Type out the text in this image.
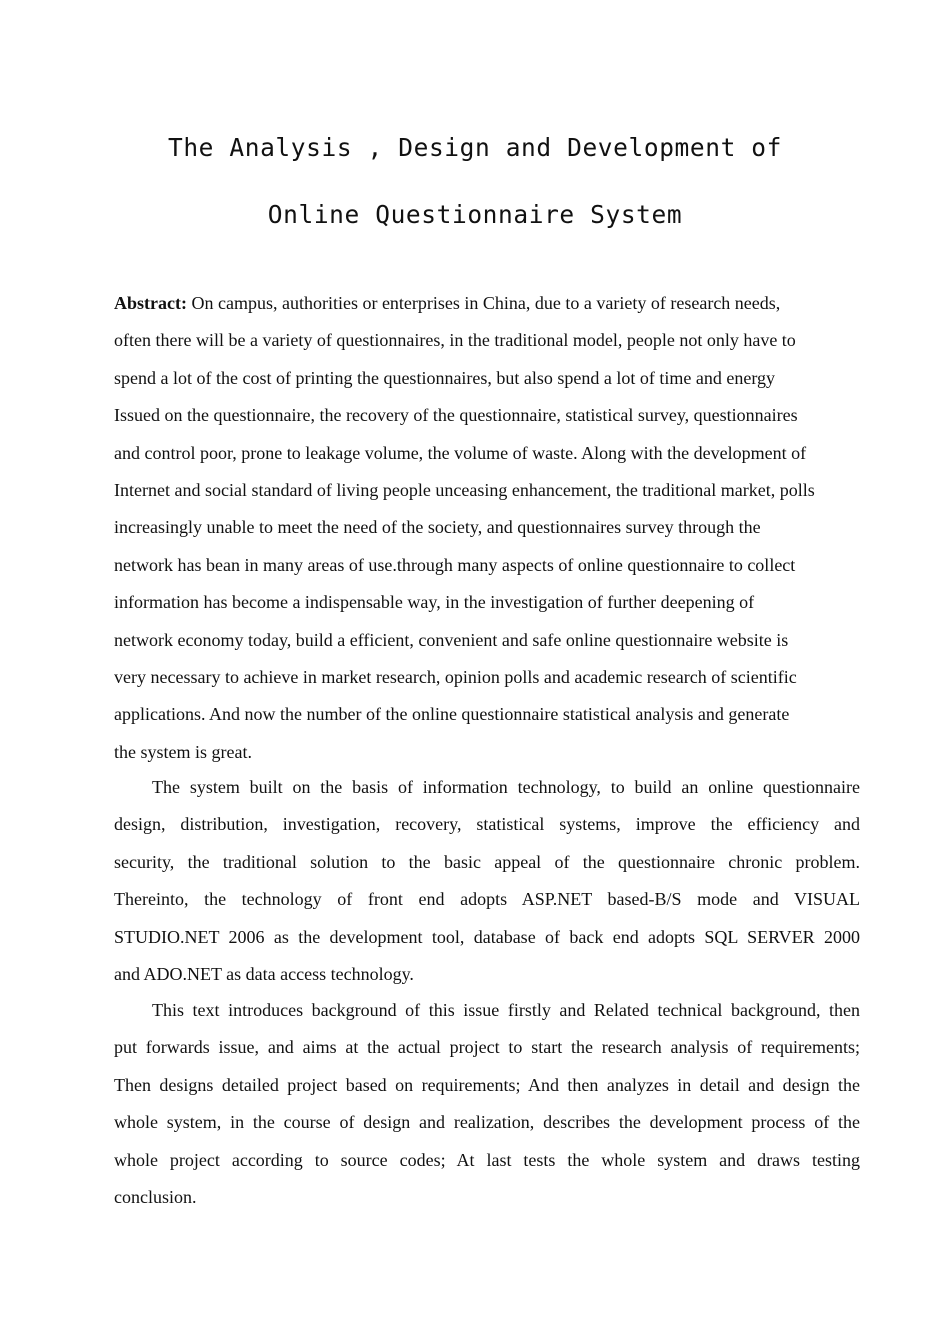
The Analysis , Design and Development of
Online Questionnaire System
Abstract: On campus, authorities or enterprises in China, due to a variety of research needs,
often there will be a variety of questionnaires, in the traditional model, people not only have to
spend a lot of the cost of printing the questionnaires, but also spend a lot of time and energy
Issued on the questionnaire, the recovery of the questionnaire, statistical survey, questionnaires
and control poor, prone to leakage volume, the volume of waste. Along with the development of
Internet and social standard of living people unceasing enhancement, the traditional market, polls
increasingly unable to meet the need of the society, and questionnaires survey through the
network has bean in many areas of use.through many aspects of online questionnaire to collect
information has become a indispensable way, in the investigation of further deepening of
network economy today, build a efficient, convenient and safe online questionnaire website is
very necessary to achieve in market research, opinion polls and academic research of scientific
applications. And now the number of the online questionnaire statistical analysis and generate
the system is great.
The system built on the basis of information technology, to build an online questionnaire
design, distribution, investigation, recovery, statistical systems, improve the efficiency and
security, the traditional solution to the basic appeal of the questionnaire chronic problem.
Thereinto, the technology of front end adopts ASP.NET based-B/S mode and VISUAL
STUDIO.NET 2006 as the development tool, database of back end adopts SQL SERVER 2000
and ADO.NET as data access technology.
This text introduces background of this issue firstly and Related technical background, then
put forwards issue, and aims at the actual project to start the research analysis of requirements;
Then designs detailed project based on requirements; And then analyzes in detail and design the
whole system, in the course of design and realization, describes the development process of the
whole project according to source codes; At last tests the whole system and draws testing
conclusion.
